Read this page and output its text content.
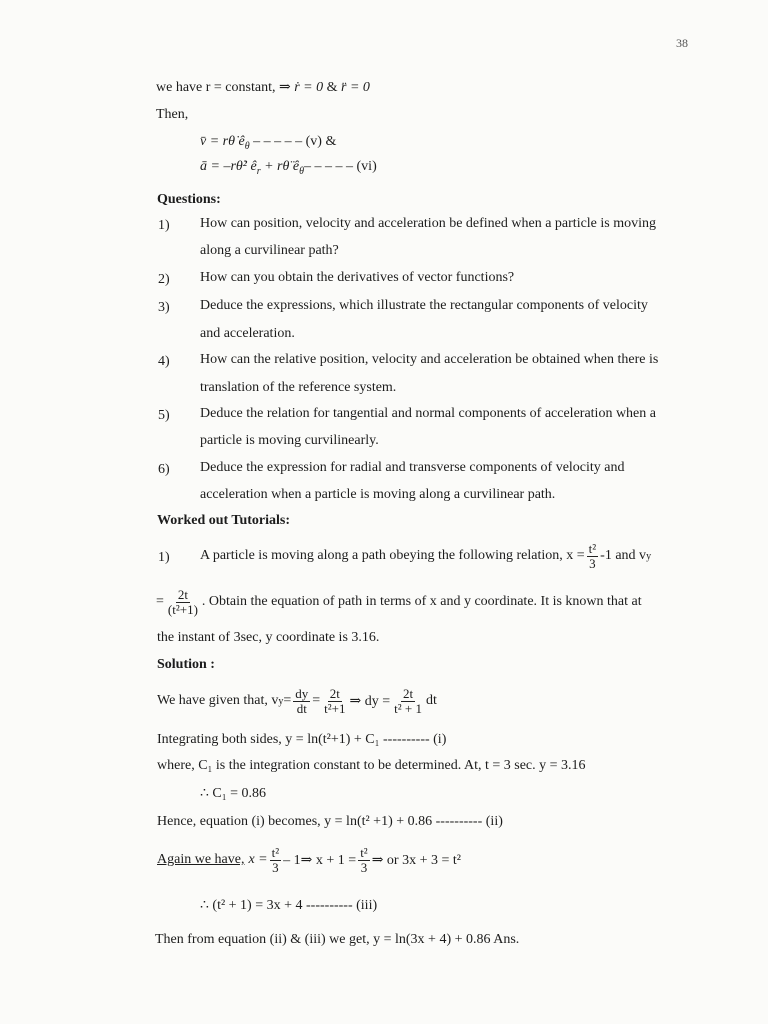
38
we have r = constant, ⇒ ṙ = 0 & r̈ = 0
Then,
v̄ = rθ̇ $ê_\theta$ – – – – – (v) &
ā = –rθ̇² $ê_r$ + rθ̈ $ê_\theta-$ – – – – (vi)
Questions:
1) How can position, velocity and acceleration be defined when a particle is moving
along a curvilinear path?
2) How can you obtain the derivatives of vector functions?
3) Deduce the expressions, which illustrate the rectangular components of velocity
and acceleration.
4) How can the relative position, velocity and acceleration be obtained when there is
translation of the reference system.
5) Deduce the relation for tangential and normal components of acceleration when a
particle is moving curvilinearly.
6) Deduce the expression for radial and transverse components of velocity and
acceleration when a particle is moving along a curvilinear path.
Worked out Tutorials:
1) A particle is moving along a path obeying the following relation, $x = \frac{\text{t²}}{3} -1$ and v y
= $\frac{2t}{\text{(t²+1)}}$ . Obtain the equation of path in terms of x and y coordinate. It is known that at
the instant of 3sec, y coordinate is 3.16.
Solution :
We have given that, v $y = \frac{dy}{dt} = \frac{2t}{\text{t²+1}}$ ⇒ dy = $\frac{2t}{\text{t² + 1}}$ dt
Integrating both sides, y = ln(t²+1) + C₁ ---------- (i)
where, C₁ is the integration constant to be determined. At, t = 3 sec. y = 3.16
∴ C₁ = 0.86
Hence, equation (i) becomes, y = ln(t² +1) + 0.86 ---------- (ii)
Again we have, $x = \frac{\text{t²}}{3}$ – 1⇒ $x + 1 = \frac{\text{t²}}{3}$ ⇒ or 3x + 3 = t²
∴ (t² + 1) = 3x + 4 ---------- (iii)
Then from equation (ii) & (iii) we get, y = ln(3x + 4) + 0.86 Ans.
